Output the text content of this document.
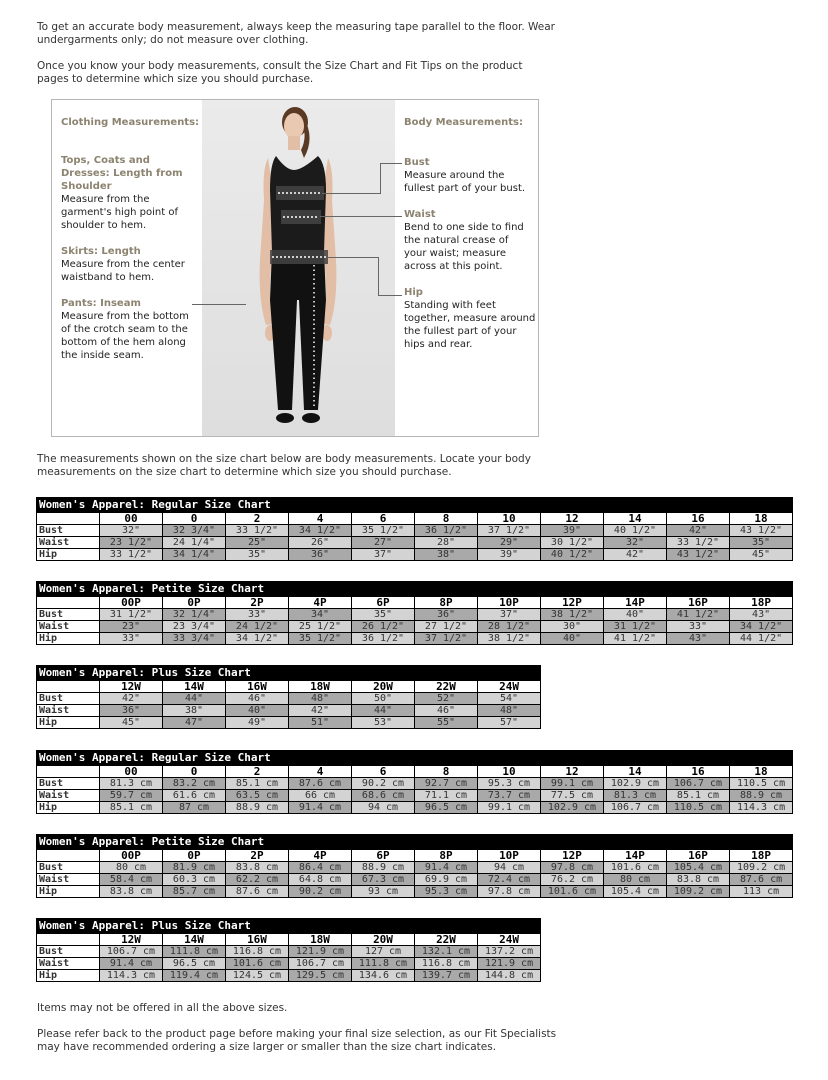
To get an accurate body measurement, always keep the measuring tape parallel to the floor. Wear undergarments only; do not measure over clothing.

Once you know your body measurements, consult the Size Chart and Fit Tips on the product pages to determine which size you should purchase.

Clothing Measurements:	Body Measurements:
Tops, Coats and Dresses: Length from Shoulder
Measure from the garment's high point of shoulder to hem.
Skirts: Length
Measure from the center waistband to hem.
Pants: Inseam
Measure from the bottom of the crotch seam to the bottom of the hem along the inside seam.
Bust
Measure around the fullest part of your bust.
Waist
Bend to one side to find the natural crease of your waist; measure across at this point.
Hip
Standing with feet together, measure around the fullest part of your hips and rear.

The measurements shown on the size chart below are body measurements. Locate your body measurements on the size chart to determine which size you should purchase.

Women's Apparel: Regular Size Chart											
	00	0	2	4	6	8	10	12	14	16	18
Bust	32"	32 3/4"	33 1/2"	34 1/2"	35 1/2"	36 1/2"	37 1/2"	39"	40 1/2"	42"	43 1/2"
Waist	23 1/2"	24 1/4"	25"	26"	27"	28"	29"	30 1/2"	32"	33 1/2"	35"
Hip	33 1/2"	34 1/4"	35"	36"	37"	38"	39"	40 1/2"	42"	43 1/2"	45"
Women's Apparel: Petite Size Chart											
	00P	0P	2P	4P	6P	8P	10P	12P	14P	16P	18P
Bust	31 1/2"	32 1/4"	33"	34"	35"	36"	37"	38 1/2"	40"	41 1/2"	43"
Waist	23"	23 3/4"	24 1/2"	25 1/2"	26 1/2"	27 1/2"	28 1/2"	30"	31 1/2"	33"	34 1/2"
Hip	33"	33 3/4"	34 1/2"	35 1/2"	36 1/2"	37 1/2"	38 1/2"	40"	41 1/2"	43"	44 1/2"
Women's Apparel: Plus Size Chart							
	12W	14W	16W	18W	20W	22W	24W
Bust	42"	44"	46"	48"	50"	52"	54"
Waist	36"	38"	40"	42"	44"	46"	48"
Hip	45"	47"	49"	51"	53"	55"	57"
Women's Apparel: Regular Size Chart											
	00	0	2	4	6	8	10	12	14	16	18
Bust	81.3 cm	83.2 cm	85.1 cm	87.6 cm	90.2 cm	92.7 cm	95.3 cm	99.1 cm	102.9 cm	106.7 cm	110.5 cm
Waist	59.7 cm	61.6 cm	63.5 cm	66 cm	68.6 cm	71.1 cm	73.7 cm	77.5 cm	81.3 cm	85.1 cm	88.9 cm
Hip	85.1 cm	87 cm	88.9 cm	91.4 cm	94 cm	96.5 cm	99.1 cm	102.9 cm	106.7 cm	110.5 cm	114.3 cm
Women's Apparel: Petite Size Chart											
	00P	0P	2P	4P	6P	8P	10P	12P	14P	16P	18P
Bust	80 cm	81.9 cm	83.8 cm	86.4 cm	88.9 cm	91.4 cm	94 cm	97.8 cm	101.6 cm	105.4 cm	109.2 cm
Waist	58.4 cm	60.3 cm	62.2 cm	64.8 cm	67.3 cm	69.9 cm	72.4 cm	76.2 cm	80 cm	83.8 cm	87.6 cm
Hip	83.8 cm	85.7 cm	87.6 cm	90.2 cm	93 cm	95.3 cm	97.8 cm	101.6 cm	105.4 cm	109.2 cm	113 cm
Women's Apparel: Plus Size Chart							
	12W	14W	16W	18W	20W	22W	24W
Bust	106.7 cm	111.8 cm	116.8 cm	121.9 cm	127 cm	132.1 cm	137.2 cm
Waist	91.4 cm	96.5 cm	101.6 cm	106.7 cm	111.8 cm	116.8 cm	121.9 cm
Hip	114.3 cm	119.4 cm	124.5 cm	129.5 cm	134.6 cm	139.7 cm	144.8 cm

Items may not be offered in all the above sizes.

Please refer back to the product page before making your final size selection, as our Fit Specialists may have recommended ordering a size larger or smaller than the size chart indicates.
